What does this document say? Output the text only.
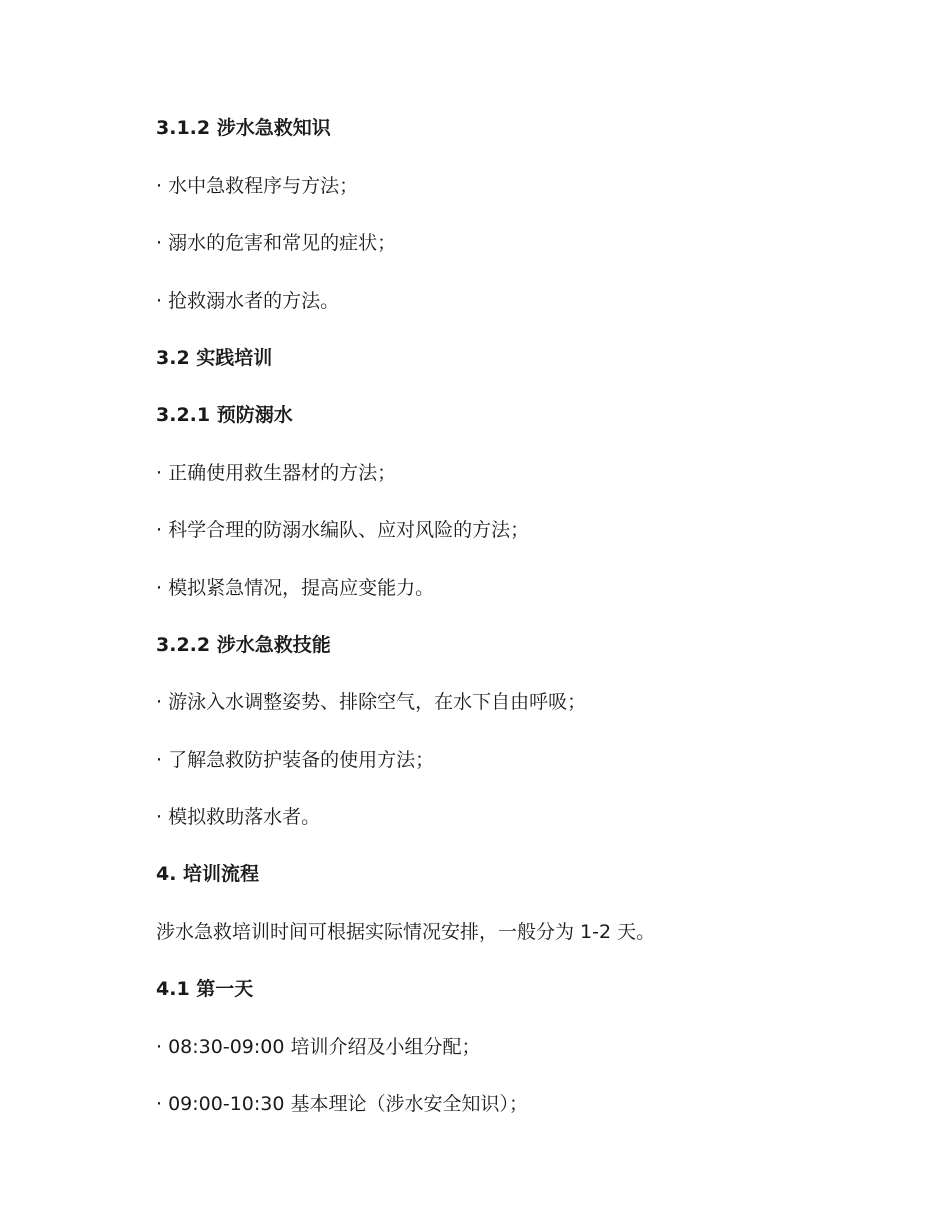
3.1.2 涉水急救知识
· 水中急救程序与方法；
· 溺水的危害和常见的症状；
· 抢救溺水者的方法。
3.2 实践培训
3.2.1 预防溺水
· 正确使用救生器材的方法；
· 科学合理的防溺水编队、应对风险的方法；
· 模拟紧急情况，提高应变能力。
3.2.2 涉水急救技能
· 游泳入水调整姿势、排除空气，在水下自由呼吸；
· 了解急救防护装备的使用方法；
· 模拟救助落水者。
4. 培训流程
涉水急救培训时间可根据实际情况安排，一般分为 1-2 天。
4.1 第一天
· 08:30-09:00 培训介绍及小组分配；
· 09:00-10:30 基本理论（涉水安全知识）；
